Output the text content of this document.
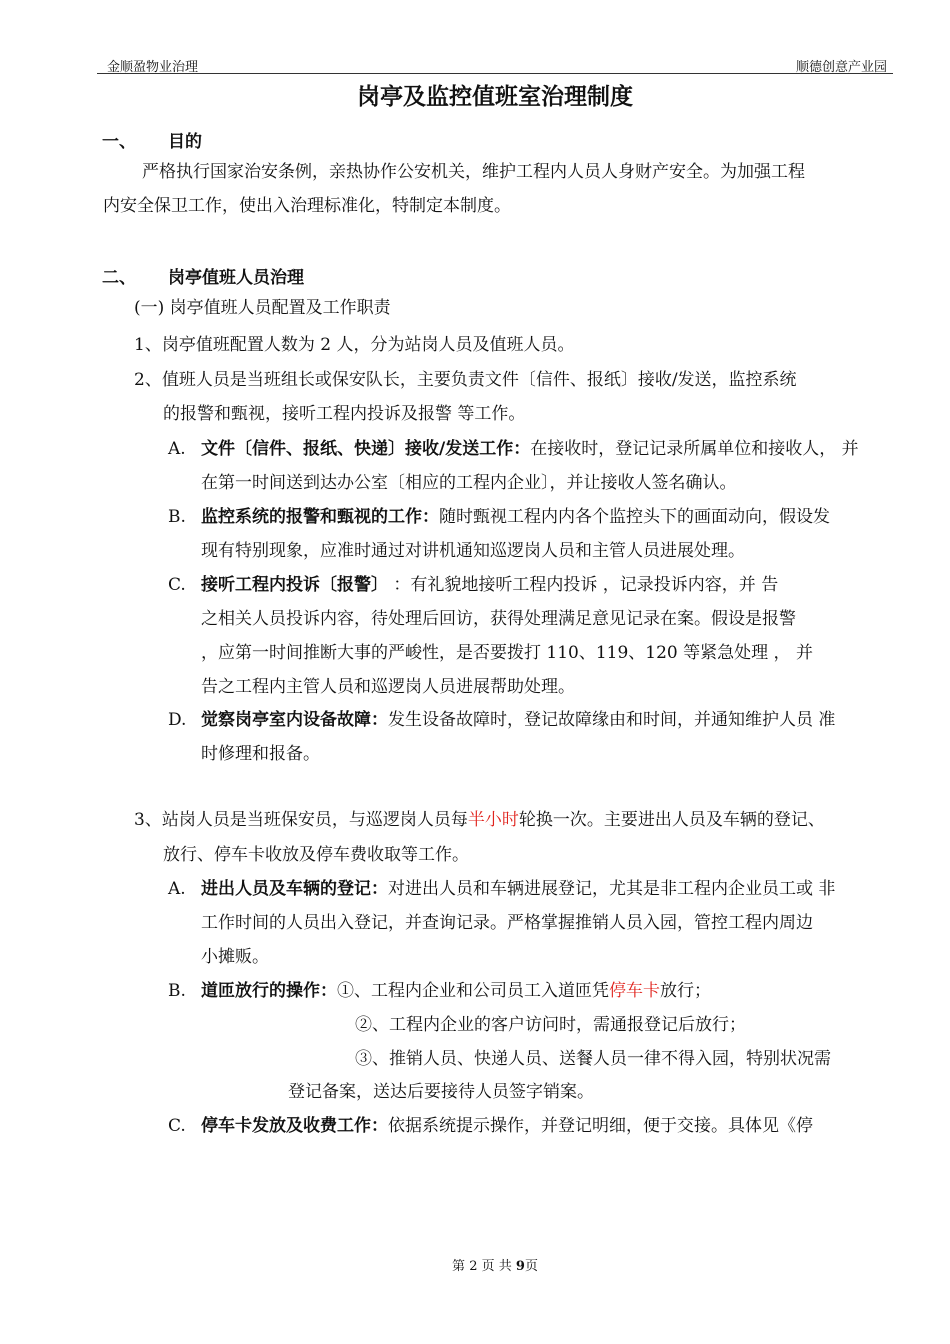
金顺盈物业治理	顺德创意产业园
岗亭及监控值班室治理制度
一、 目的
严格执行国家治安条例，亲热协作公安机关，维护工程内人员人身财产安全。为加强工程
内安全保卫工作，使出入治理标准化，特制定本制度。
二、 岗亭值班人员治理
(一) 岗亭值班人员配置及工作职责
1、岗亭值班配置人数为 2 人，分为站岗人员及值班人员。
2、值班人员是当班组长或保安队长，主要负责文件〔信件、报纸〕接收/发送，监控系统
的报警和甄视，接听工程内投诉及报警 等工作。
A. 文件〔信件、报纸、快递〕接收/发送工作：在接收时，登记记录所属单位和接收人， 并
在第一时间送到达办公室〔相应的工程内企业〕，并让接收人签名确认。
B. 监控系统的报警和甄视的工作：随时甄视工程内内各个监控头下的画面动向，假设发
现有特别现象，应准时通过对讲机通知巡逻岗人员和主管人员进展处理。
C. 接听工程内投诉〔报警〕 ：有礼貌地接听工程内投诉 ，记录投诉内容，并 告
之相关人员投诉内容，待处理后回访，获得处理满足意见记录在案。假设是报警
，应第一时间推断大事的严峻性，是否要拨打 110、119、120 等紧急处理 ， 并
告之工程内主管人员和巡逻岗人员进展帮助处理。
D. 觉察岗亭室内设备故障：发生设备故障时，登记故障缘由和时间，并通知维护人员 准
时修理和报备。
3、站岗人员是当班保安员，与巡逻岗人员每半小时轮换一次。主要进出人员及车辆的登记、
放行、停车卡收放及停车费收取等工作。
A. 进出人员及车辆的登记：对进出人员和车辆进展登记，尤其是非工程内企业员工或 非
工作时间的人员出入登记，并查询记录。严格掌握推销人员入园，管控工程内周边
小摊贩。
B. 道匝放行的操作：①、工程内企业和公司员工入道匝凭停车卡放行；
②、工程内企业的客户访问时，需通报登记后放行；
③、推销人员、快递人员、送餐人员一律不得入园，特别状况需
登记备案，送达后要接待人员签字销案。
C. 停车卡发放及收费工作：依据系统提示操作，并登记明细，便于交接。具体见《停
第 2 页 共 9页
